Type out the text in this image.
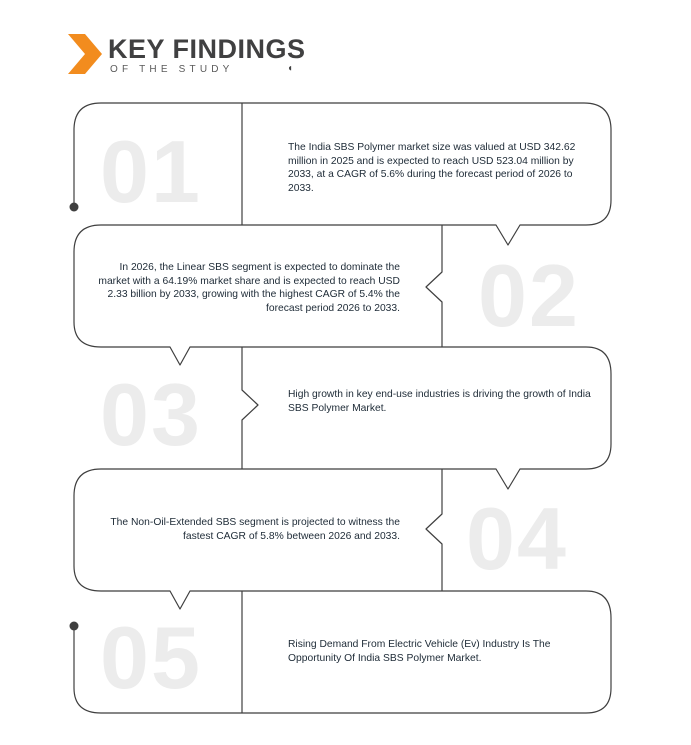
KEY FINDINGS
OF THE STUDY	◖
01	The India SBS Polymer market size was valued at USD 342.62 million in 2025 and is expected to reach USD 523.04 million by 2033, at a CAGR of 5.6% during the forecast period of 2026 to 2033.
In 2026, the Linear SBS segment is expected to dominate the market with a 64.19% market share and is expected to reach USD 2.33 billion by 2033, growing with the highest CAGR of 5.4% the forecast period 2026 to 2033. 02
03	High growth in key end-use industries is driving the growth of India SBS Polymer Market.
The Non-Oil-Extended SBS segment is projected to witness the fastest CAGR of 5.8% between 2026 and 2033. 04
05	Rising Demand From Electric Vehicle (Ev) Industry Is The Opportunity Of India SBS Polymer Market.
